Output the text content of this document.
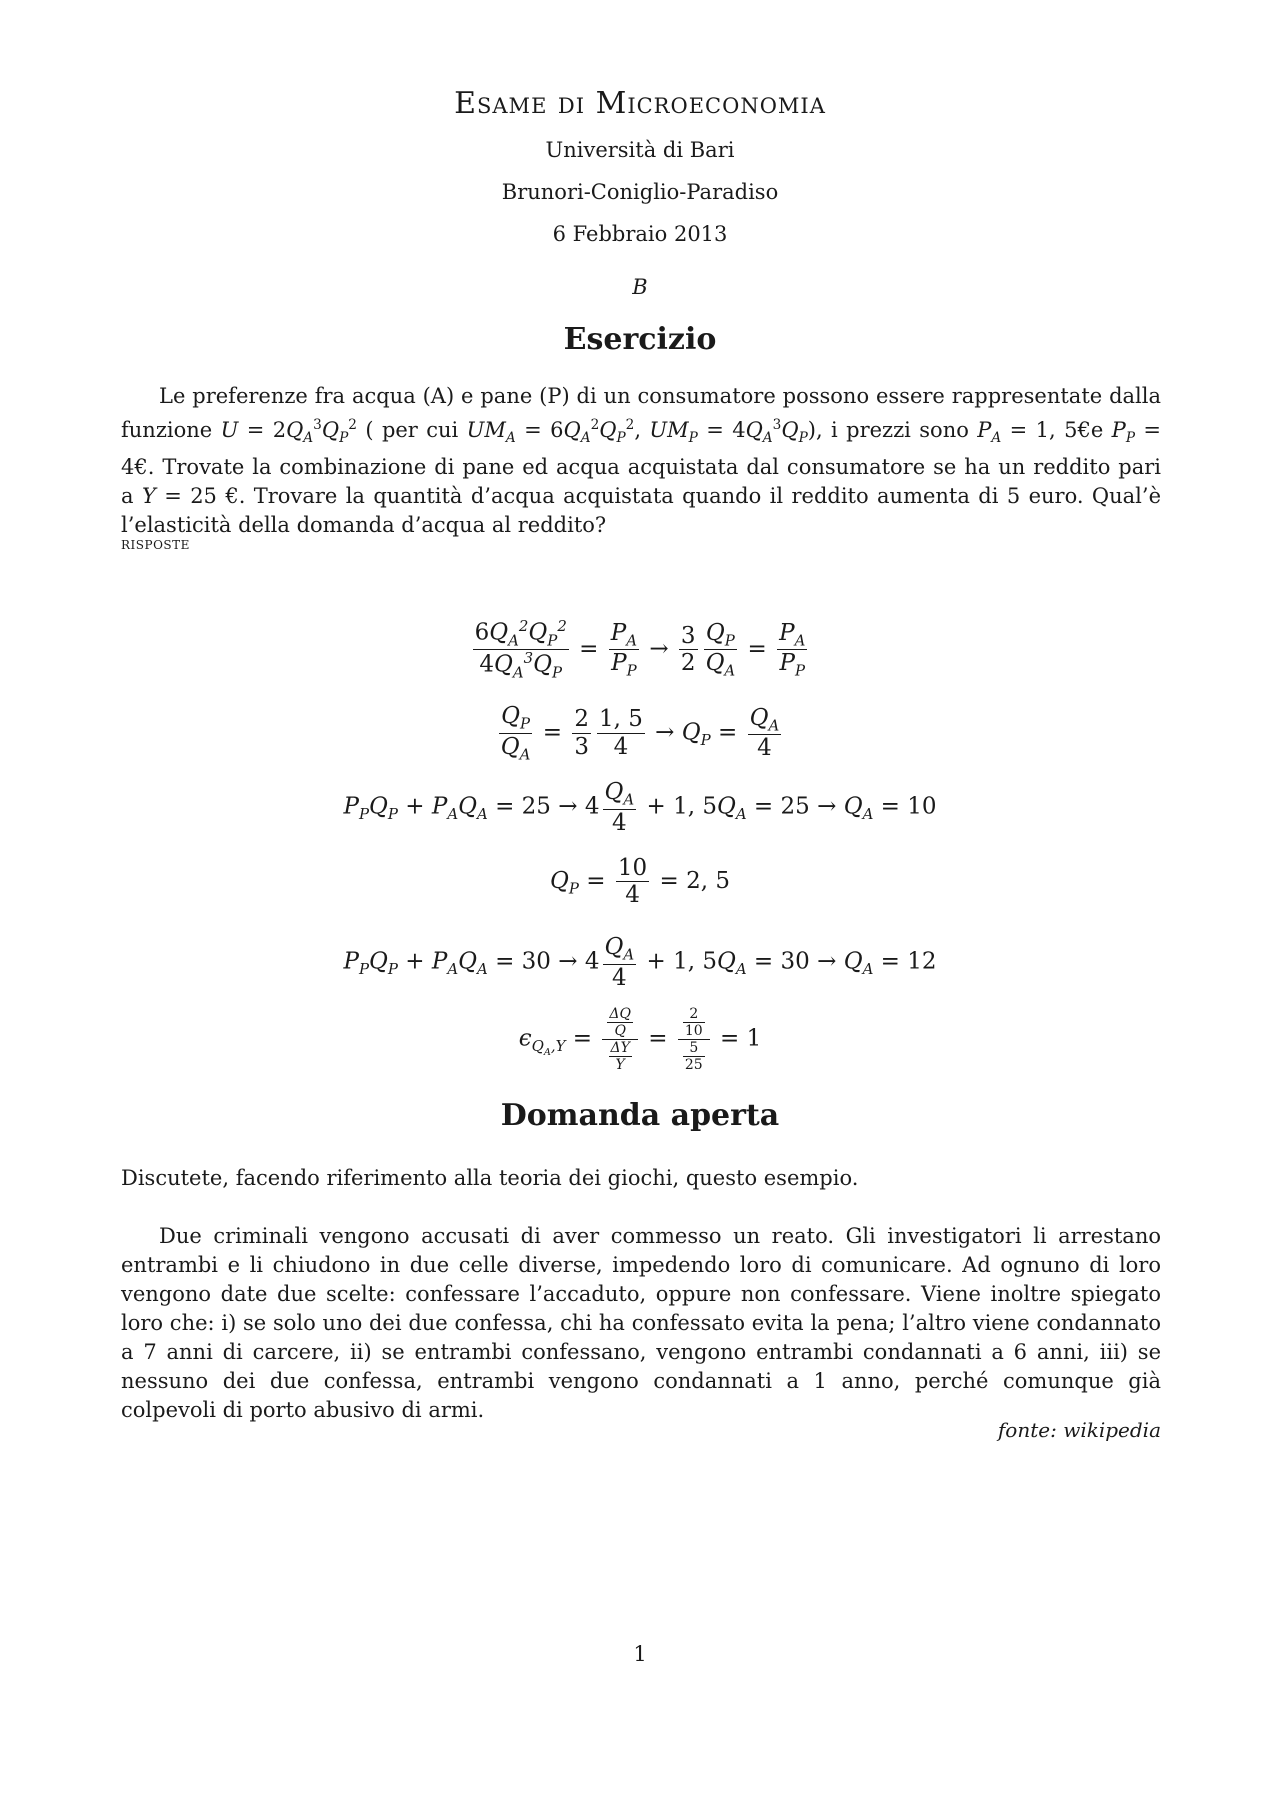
Esame di Microeconomia
Università di Bari
Brunori-Coniglio-Paradiso
6 Febbraio 2013
B
Esercizio
Le preferenze fra acqua (A) e pane (P) di un consumatore possono essere rappresentate dalla funzione $U = 2Q_A^3Q_P^2$ ( per cui $UM_A = 6Q_A^2Q_P^2$, $UM_P = 4Q_A^3Q_P$), i prezzi sono $P_A = 1$, 5€e $P_P$ = 4€. Trovate la combinazione di pane ed acqua acquistata dal consumatore se ha un reddito pari a Y = 25 €. Trovare la quantità d’acqua acquistata quando il reddito aumenta di 5 euro. Qual’è l’elasticità della domanda d’acqua al reddito?
risposte
$\frac{6Q_A^2Q_P^2}{4Q_A^3Q_P} = \frac{P_A}{P_P} \to \frac{3}{2} \frac{Q_P}{Q_A} = \frac{P_A}{P_P}$
$\frac{Q_P}{Q_A} = \frac{2}{3} \frac{1, 5}{4} \to Q_P = \frac{Q_A}{4}$
$P_PQ_P + P_AQ_A = 25 \to 4 \frac{Q_A}{4} + 1$, $5Q_A = 25 \to Q_A = 10$
$Q_P = \frac{10}{4} = 2$, 5
$P_PQ_P + P_AQ_A = 30 \to 4 \frac{Q_A}{4} + 1$, $5Q_A = 30 \to Q_A = 12$
$\epsilon_{Q_A,Y} = \frac{\frac{\Delta Q}{Q}}{\frac{\Delta Y}{Y}} = \frac{\frac{2}{10}}{\frac{5}{25}} = 1$
Domanda aperta
Discutete, facendo riferimento alla teoria dei giochi, questo esempio.
Due criminali vengono accusati di aver commesso un reato. Gli investigatori li arrestano entrambi e li chiudono in due celle diverse, impedendo loro di comunicare. Ad ognuno di loro vengono date due scelte: confessare l’accaduto, oppure non confessare. Viene inoltre spiegato loro che: i) se solo uno dei due confessa, chi ha confessato evita la pena; l’altro viene condannato a 7 anni di carcere, ii) se entrambi confessano, vengono entrambi condannati a 6 anni, iii) se nessuno dei due confessa, entrambi vengono condannati a 1 anno, perché comunque già colpevoli di porto abusivo di armi.
fonte: wikipedia
1
